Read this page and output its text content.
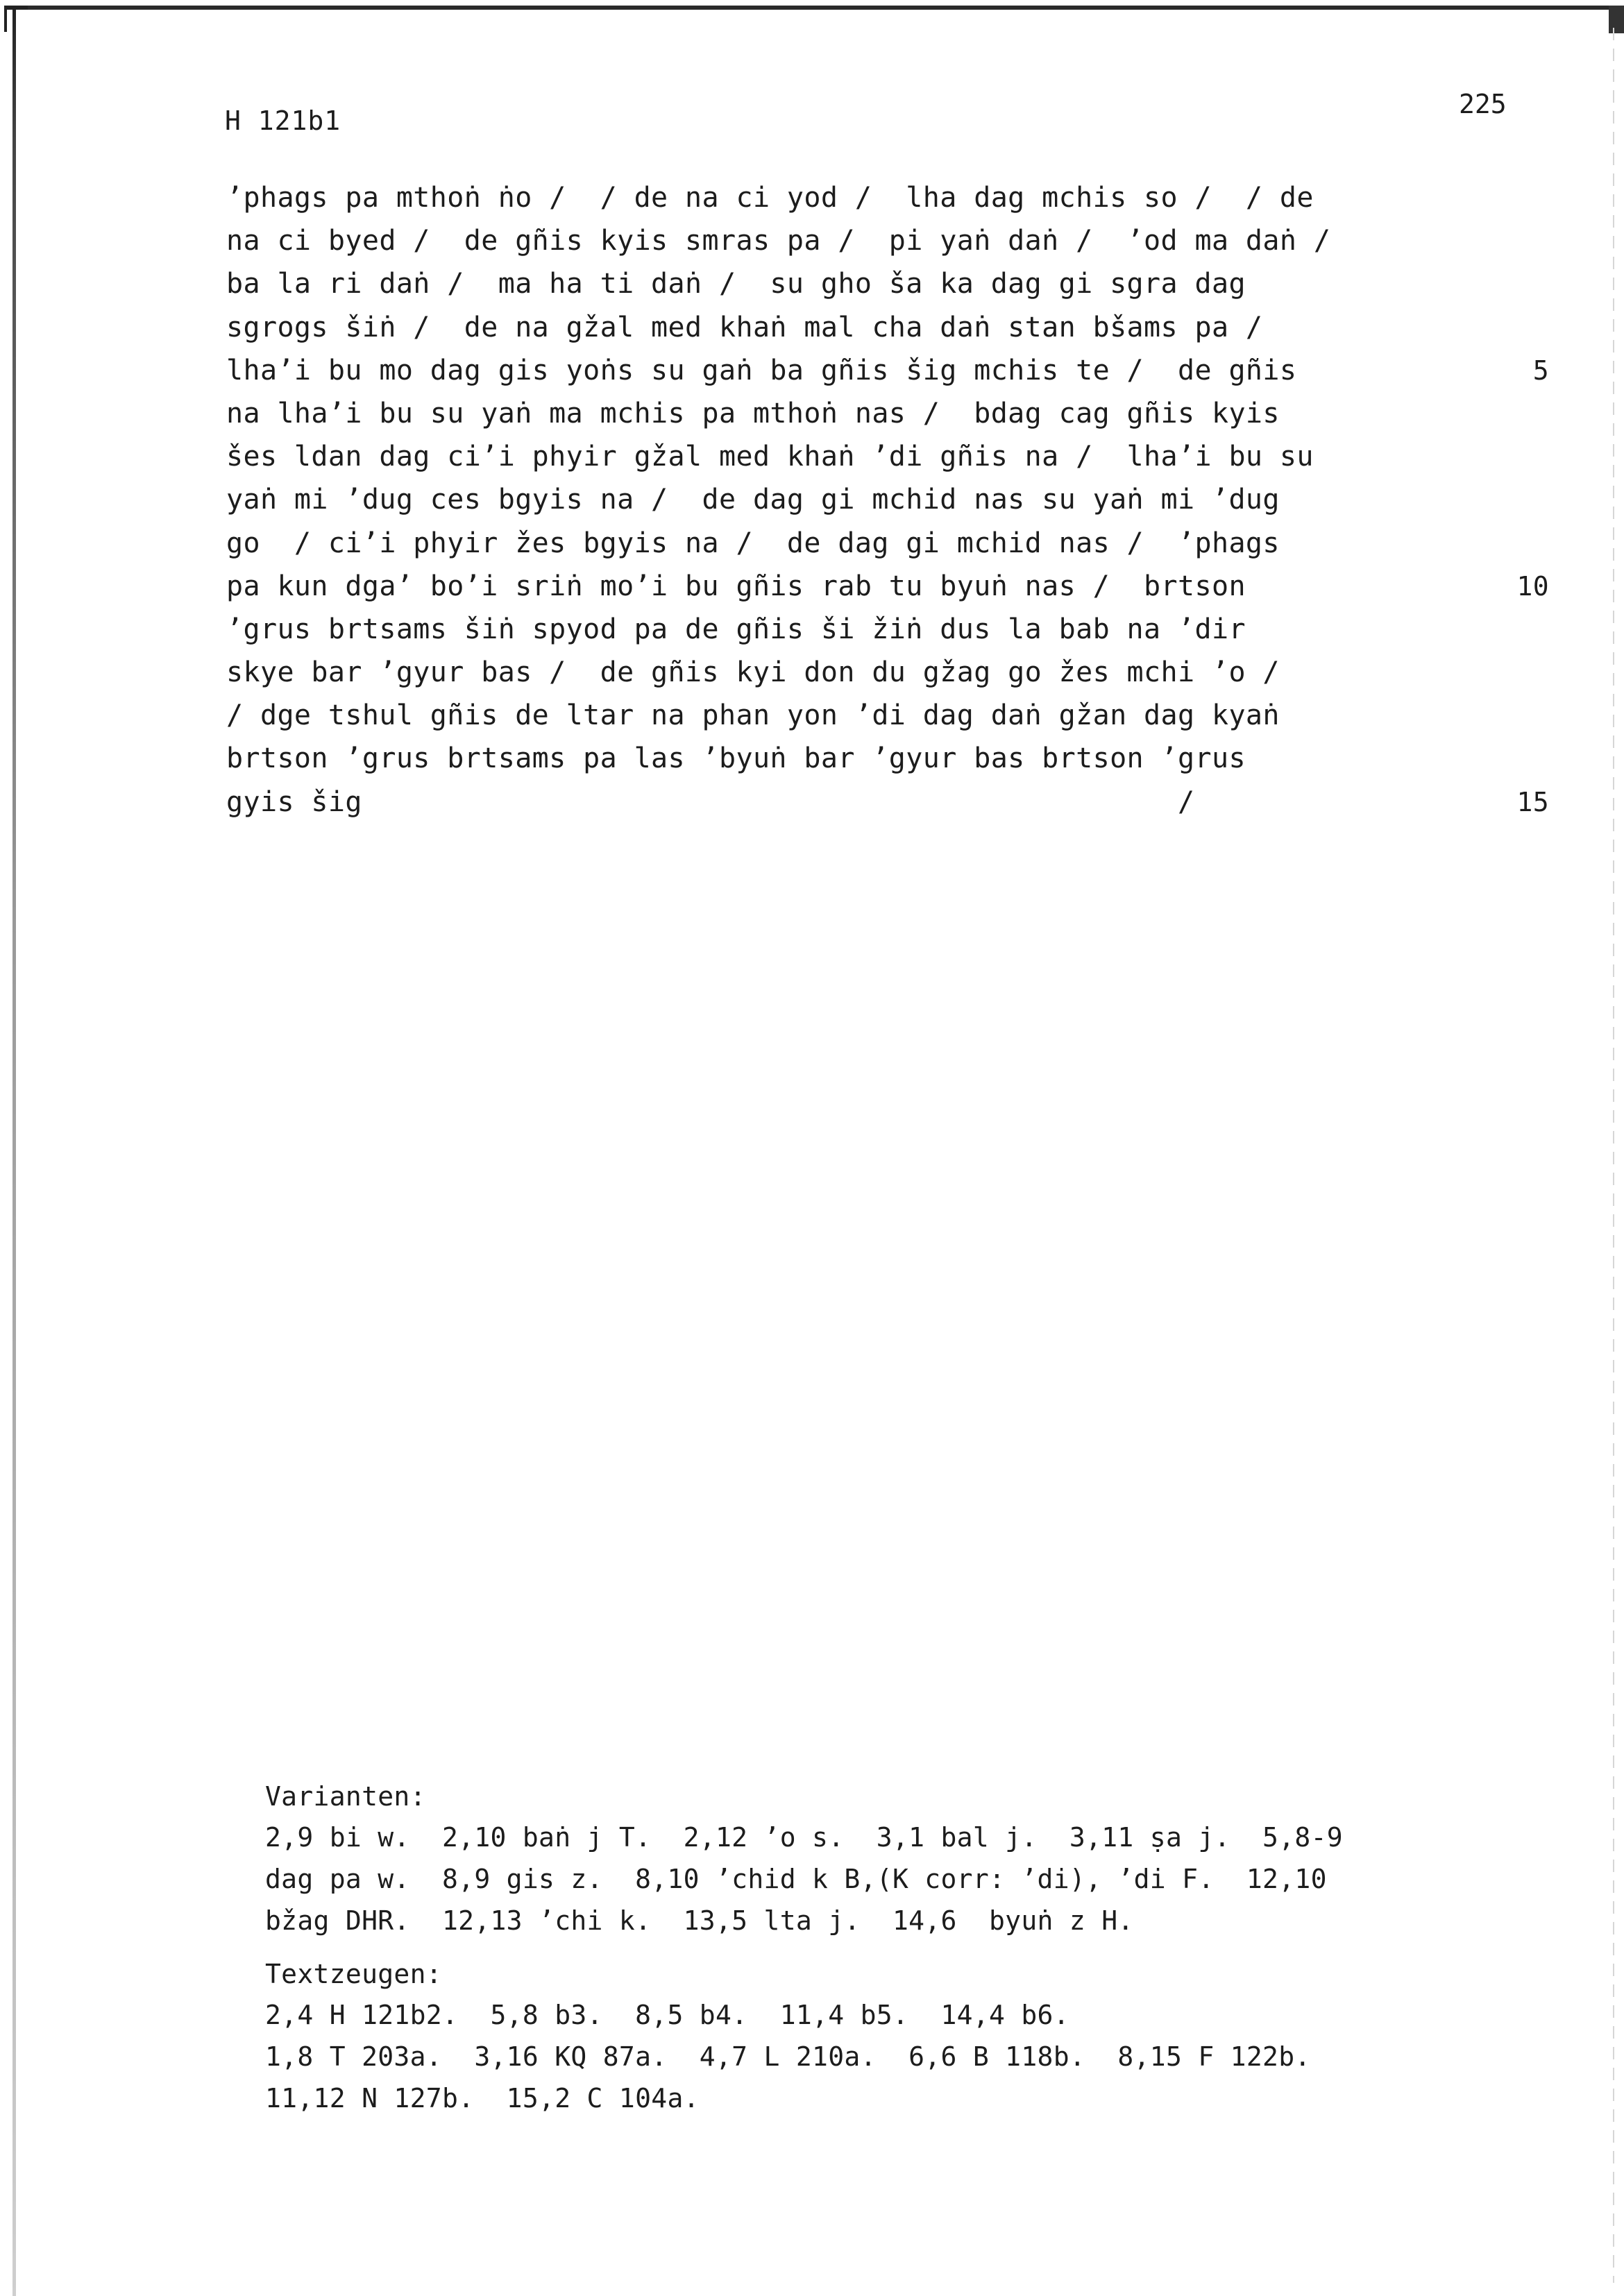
H 121b1
225
’phags pa mthoṅ ṅo /  / de na ci yod /  lha dag mchis so /  / de
na ci byed /  de gñis kyis smras pa /  pi yaṅ daṅ /  ’od ma daṅ /
ba la ri daṅ /  ma ha ti daṅ /  su gho ša ka dag gi sgra dag
sgrogs šiṅ /  de na gžal med khaṅ mal cha daṅ stan bšams pa /
lha’i bu mo dag gis yoṅs su gaṅ ba gñis šig mchis te /  de gñis	5
na lha’i bu su yaṅ ma mchis pa mthoṅ nas /  bdag cag gñis kyis
šes ldan dag ci’i phyir gžal med khaṅ ’di gñis na /  lha’i bu su
yaṅ mi ’dug ces bgyis na /  de dag gi mchid nas su yaṅ mi ’dug
go  / ci’i phyir žes bgyis na /  de dag gi mchid nas /  ’phags
pa kun dga’ bo’i sriṅ mo’i bu gñis rab tu byuṅ nas /  brtson	10
’grus brtsams šiṅ spyod pa de gñis ši žiṅ dus la bab na ’dir
skye bar ’gyur bas /  de gñis kyi don du gžag go žes mchi ’o /
/ dge tshul gñis de ltar na phan yon ’di dag daṅ gžan dag kyaṅ
brtson ’grus brtsams pa las ’byuṅ bar ’gyur bas brtson ’grus
gyis šig                                                /	15
Varianten:
2,9 bi w.  2,10 baṅ j T.  2,12 ’o s.  3,1 bal j.  3,11 ṣa j.  5,8-9
dag pa w.  8,9 gis z.  8,10 ’chid k B,(K corr: ’di), ’di F.  12,10
bžag DHR.  12,13 ’chi k.  13,5 lta j.  14,6  byuṅ z H.
Textzeugen:
2,4 H 121b2.  5,8 b3.  8,5 b4.  11,4 b5.  14,4 b6.
1,8 T 203a.  3,16 KQ 87a.  4,7 L 210a.  6,6 B 118b.  8,15 F 122b.
11,12 N 127b.  15,2 C 104a.
